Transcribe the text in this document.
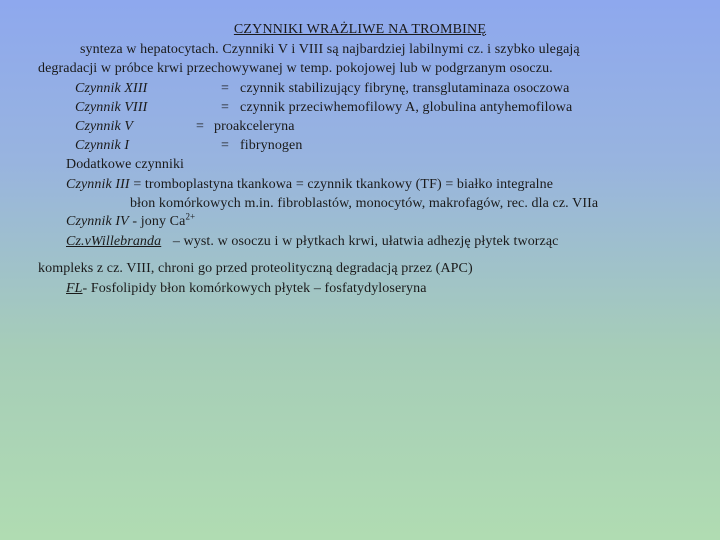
CZYNNIKI WRAŻLIWE NA TROMBINĘ
synteza w hepatocytach. Czynniki V i VIII są najbardziej labilnymi cz. i szybko ulegają
degradacji w próbce krwi przechowywanej w temp. pokojowej lub w podgrzanym osoczu.
Czynnik XIII	= czynnik stabilizujący fibrynę, transglutaminaza osoczowa
Czynnik VIII	= czynnik przeciwhemofilowy A, globulina antyhemofilowa
Czynnik V	= proakceleryna
Czynnik I	= fibrynogen
Dodatkowe czynniki
Czynnik III = tromboplastyna tkankowa = czynnik tkankowy (TF) = białko integralne
błon komórkowych m.in. fibroblastów, monocytów, makrofagów, rec. dla cz. VIIa
Czynnik IV - jony $Ca^{2+}$
Cz.vWillebranda – wyst. w osoczu i w płytkach krwi, ułatwia adhezję płytek tworząc
kompleks z cz. VIII, chroni go przed proteolityczną degradacją przez (APC)
FL- Fosfolipidy błon komórkowych płytek – fosfatydyloseryna
